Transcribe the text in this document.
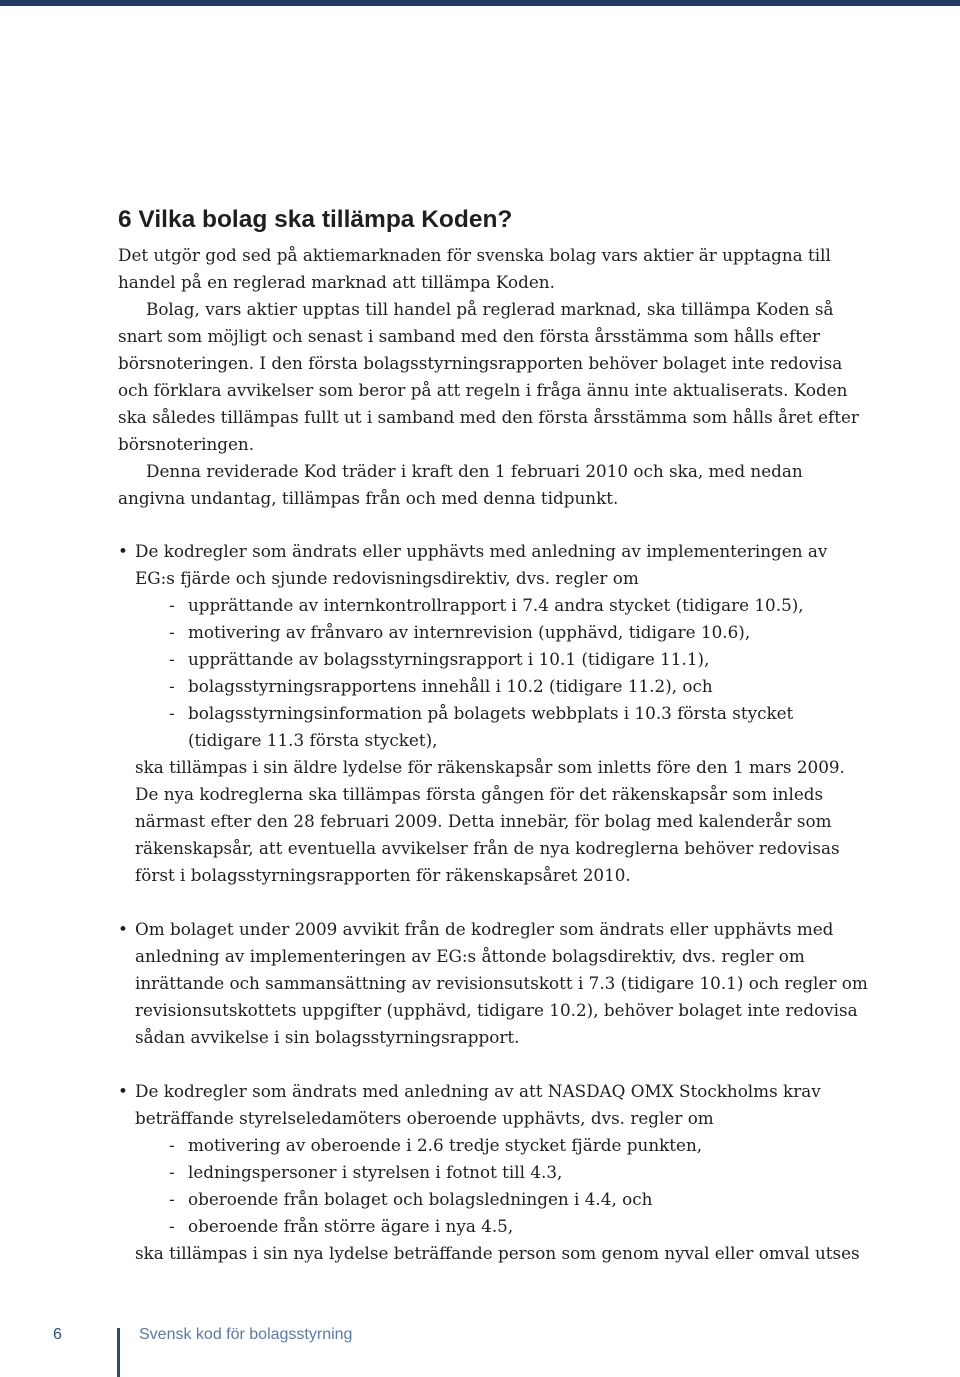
6 Vilka bolag ska tillämpa Koden?

Det utgör god sed på aktiemarknaden för svenska bolag vars aktier är upptagna till handel på en reglerad marknad att tillämpa Koden.

Bolag, vars aktier upptas till handel på reglerad marknad, ska tillämpa Koden så snart som möjligt och senast i samband med den första årsstämma som hålls efter börsnoteringen. I den första bolagsstyrningsrapporten behöver bolaget inte redovisa och förklara avvikelser som beror på att regeln i fråga ännu inte aktualiserats. Koden ska således tillämpas fullt ut i samband med den första årsstämma som hålls året efter börsnoteringen.

Denna reviderade Kod träder i kraft den 1 februari 2010 och ska, med nedan angivna undantag, tillämpas från och med denna tidpunkt.

• De kodregler som ändrats eller upphävts med anledning av implementeringen av EG:s fjärde och sjunde redovisningsdirektiv, dvs. regler om
- upprättande av internkontrollrapport i 7.4 andra stycket (tidigare 10.5),
- motivering av frånvaro av internrevision (upphävd, tidigare 10.6),
- upprättande av bolagsstyrningsrapport i 10.1 (tidigare 11.1),
- bolagsstyrningsrapportens innehåll i 10.2 (tidigare 11.2), och
- bolagsstyrningsinformation på bolagets webbplats i 10.3 första stycket (tidigare 11.3 första stycket),
ska tillämpas i sin äldre lydelse för räkenskapsår som inletts före den 1 mars 2009. De nya kodreglerna ska tillämpas första gången för det räkenskapsår som inleds närmast efter den 28 februari 2009. Detta innebär, för bolag med kalenderår som räkenskapsår, att eventuella avvikelser från de nya kodreglerna behöver redovisas först i bolagsstyrningsrapporten för räkenskapsåret 2010.
• Om bolaget under 2009 avvikit från de kodregler som ändrats eller upphävts med anledning av implementeringen av EG:s åttonde bolagsdirektiv, dvs. regler om inrättande och sammansättning av revisionsutskott i 7.3 (tidigare 10.1) och regler om revisionsutskottets uppgifter (upphävd, tidigare 10.2), behöver bolaget inte redovisa sådan avvikelse i sin bolagsstyrningsrapport.
• De kodregler som ändrats med anledning av att NASDAQ OMX Stockholms krav beträffande styrelseledamöters oberoende upphävts, dvs. regler om
- motivering av oberoende i 2.6 tredje stycket fjärde punkten,
- ledningspersoner i styrelsen i fotnot till 4.3,
- oberoende från bolaget och bolagsledningen i 4.4, och
- oberoende från större ägare i nya 4.5,
ska tillämpas i sin nya lydelse beträffande person som genom nyval eller omval utses
6	Svensk kod för bolagsstyrning
